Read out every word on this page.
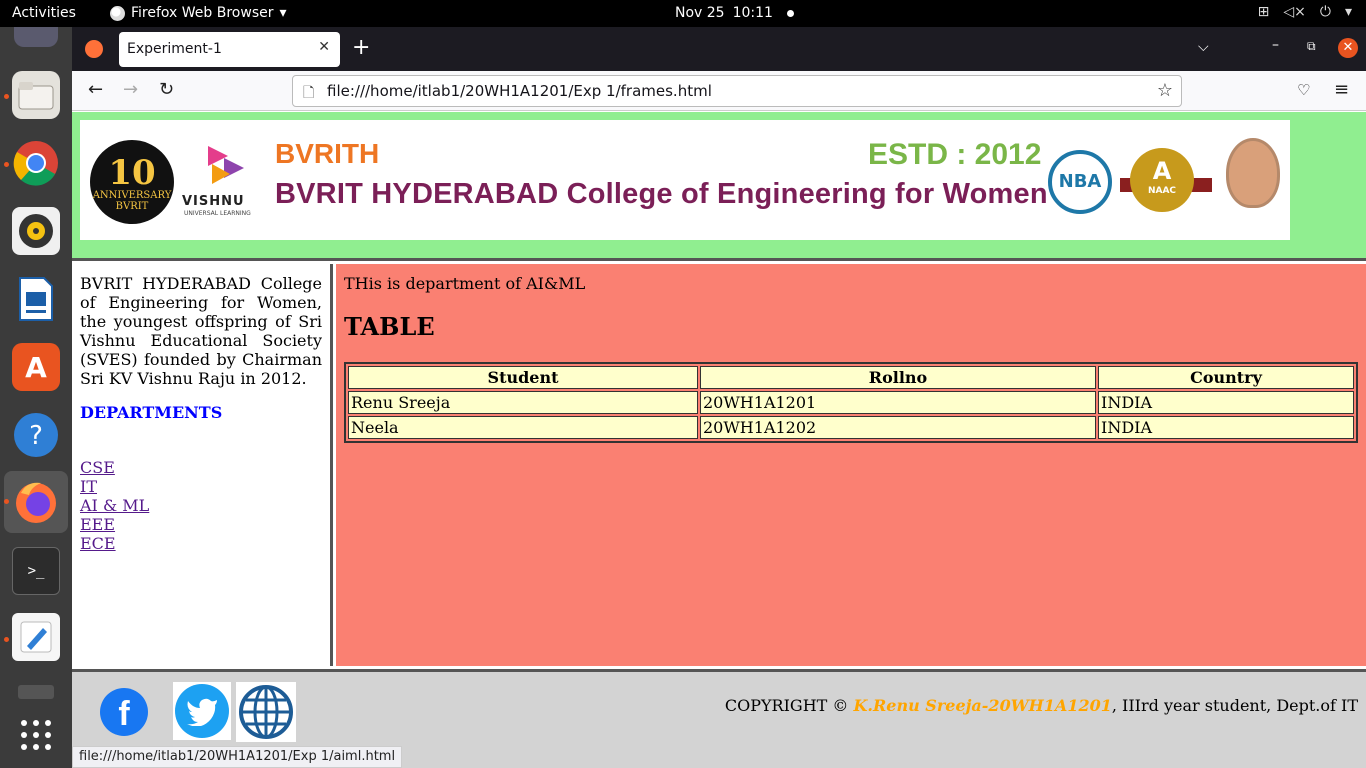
Activities	Firefox Web Browser ▾	Nov 25 10:11	⊞ ◁× ⏻ ▾
A
?
>_
Experiment-1	✕ +	⌵	– ⧉	✕
← → ↻	🗋 file:///home/itlab1/20WH1A1201/Exp 1/frames.html	☆	♡ ≡
10
ANNIVERSARY BVRIT	VISHNU
UNIVERSAL LEARNING
BVRITH	ESTD : 2012
BVRIT HYDERABAD College of Engineering for Women NBA	A
NAAC

BVRIT HYDERABAD College of Engineering for Women, the youngest offspring of Sri Vishnu Educational Society (SVES) founded by Chairman Sri KV Vishnu Raju in 2012.

DEPARTMENTS
CSE
IT
AI & ML
EEE
ECE
THis is department of AI&ML
TABLE
Student	Rollno	Country
Renu Sreeja	20WH1A1201	INDIA
Neela	20WH1A1202	INDIA
f	COPYRIGHT © K.Renu Sreeja-20WH1A1201, IIIrd year student, Dept.of IT
file:///home/itlab1/20WH1A1201/Exp 1/aiml.html
